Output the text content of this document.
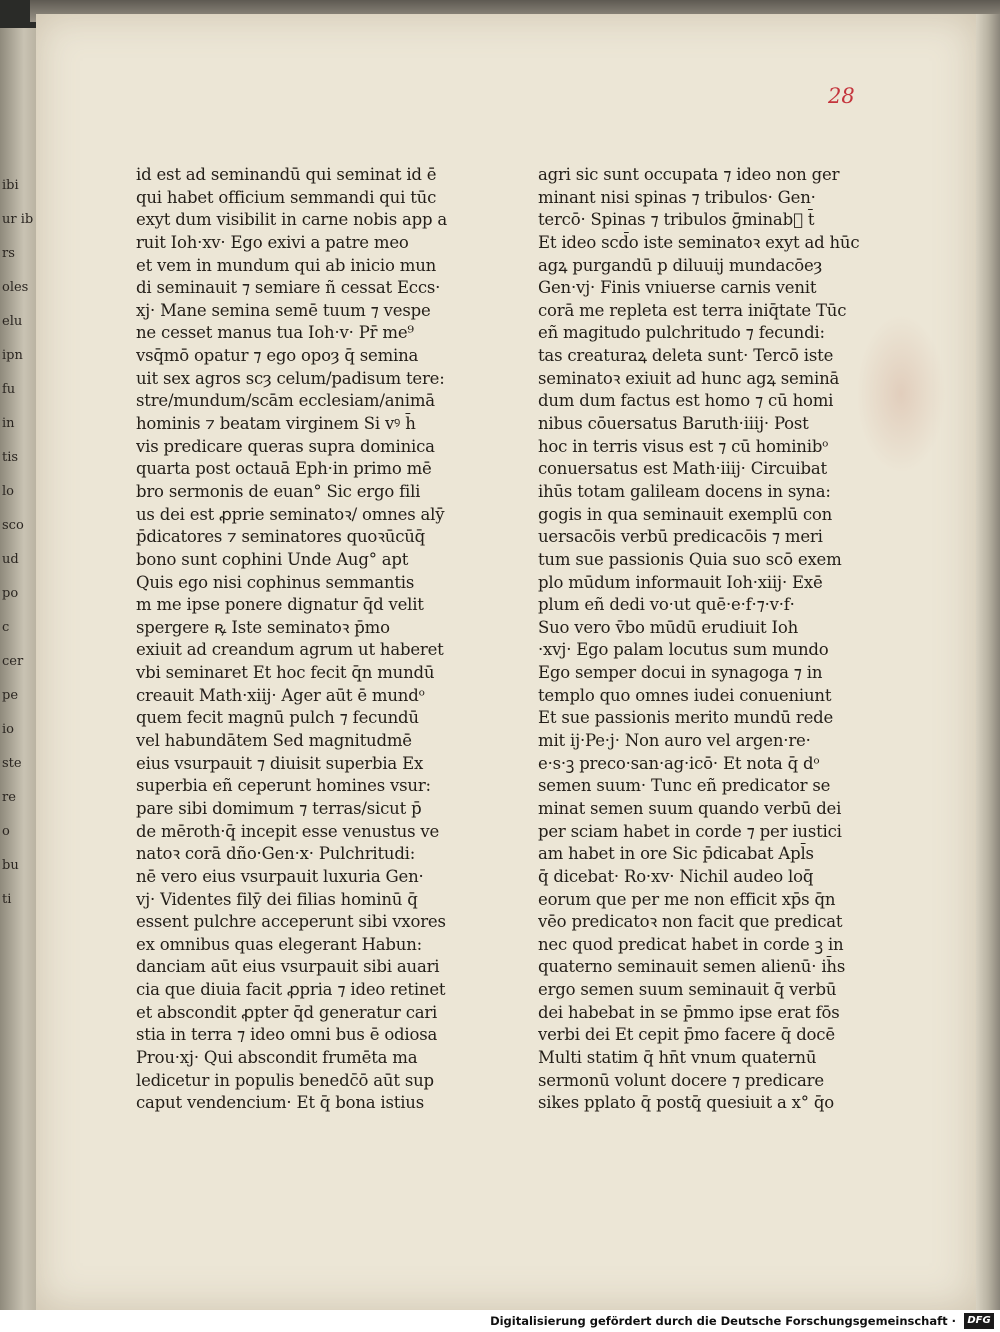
ibi
ur ib
rs
oles
elu
ipn
fu
in
tis
lo
sco
ud
po
c
cer
pe
io
ste
re
o
bu
ti
28
id est ad seminandū qui seminat id ē
qui habet officium semmandi qui tūc
exyt dum visibilit in carne nobis app a
ruit Ioh·xv· Ego exivi a patre meo
et vem in mundum qui ab inicio mun
di seminauit ⁊ semiare ñ cessat Eccs·
xj· Mane semina semē tuum ⁊ vespe
ne cesset manus tua Ioh·v· Pr̄ me⁹
vsq̄mō opatur ⁊ ego opoȝ q̄ semina
uit sex agros scȝ celum/padisum tere:
stre/mundum/scām ecclesiam/animā
hominis ⁊ beatam virginem Si vꝰ h̄
vis predicare queras supra dominica
quarta post octauā Eph·in primo mē
bro sermonis de euan° Sic ergo fili
us dei est ꝓprie seminatoꝛ/ omnes alȳ
p̄dicatores ⁊ seminatores quoꝛūcūq̄
bono sunt cophini Unde Aug° apt
Quis ego nisi cophinus semmantis
m me ipse ponere dignatur q̄d velit
spergere ꝶ Iste seminatoꝛ p̄mo
exiuit ad creandum agrum ut haberet
vbi seminaret Et hoc fecit q̄n mundū
creauit Math·xiij· Ager aūt ē mundᵒ
quem fecit magnū pulch ⁊ fecundū
vel habundātem Sed magnitudmē
eius vsurpauit ⁊ diuisit superbia Ex
superbia eñ ceperunt homines vsur:
pare sibi domimum ⁊ terras/sicut p̄
de mēroth·q̄ incepit esse venustus ve
natoꝛ corā dño·Gen·x· Pulchritudi:
nē vero eius vsurpauit luxuria Gen·
vj· Videntes filȳ dei filias hominū q̄
essent pulchre acceperunt sibi vxores
ex omnibus quas elegerant Habun:
danciam aūt eius vsurpauit sibi auari
cia que diuia facit ꝓpria ⁊ ideo retinet
et abscondit ꝓpter q̄d generatur cari
stia in terra ⁊ ideo omni bus ē odiosa
Prou·xj· Qui abscondit frumēta ma
ledicetur in populis benedc̄ō aūt sup
caput vendencium· Et q̄ bona istius
agri sic sunt occupata ⁊ ideo non ger
minant nisi spinas ⁊ tribulos· Gen·
tercō· Spinas ⁊ tribulos ḡminab᷑ t̄
Et ideo scd̄o iste seminatoꝛ exyt ad hūc
agꝝ purgandū p diluuij mundacōeȝ
Gen·vj· Finis vniuerse carnis venit
corā me repleta est terra iniq̄tate Tūc
eñ magitudo pulchritudo ⁊ fecundi:
tas creaturaꝝ deleta sunt· Tercō iste
seminatoꝛ exiuit ad hunc agꝝ seminā
dum dum factus est homo ⁊ cū homi
nibus cōuersatus Baruth·iiij· Post
hoc in terris visus est ⁊ cū hominibᵒ
conuersatus est Math·iiij· Circuibat
ihūs totam galileam docens in syna:
gogis in qua seminauit exemplū con
uersacōis verbū predicacōis ⁊ meri
tum sue passionis Quia suo scō exem
plo mūdum informauit Ioh·xiij· Exē
plum eñ dedi vo·ut quē·e·f·⁊·v·f·
Suo vero v̄bo mūdū erudiuit Ioh
·xvj· Ego palam locutus sum mundo
Ego semper docui in synagoga ⁊ in
templo quo omnes iudei conueniunt
Et sue passionis merito mundū rede
mit ij·Pe·j· Non auro vel argen·re·
e·s·ꝫ preco·san·ag·icō· Et nota q̄ dᵒ
semen suum· Tunc eñ predicator se
minat semen suum quando verbū dei
per sciam habet in corde ⁊ per iustici
am habet in ore Sic p̄dicabat Apl̄s
q̄ dicebat· Ro·xv· Nichil audeo loq̄
eorum que per me non efficit xp̄s q̄n
vēo predicatoꝛ non facit que predicat
nec quod predicat habet in corde ꝫ in
quaterno seminauit semen alienū· ih̄s
ergo semen suum seminauit q̄ verbū
dei habebat in se p̄mmo ipse erat fōs
verbi dei Et cepit p̄mo facere q̄ docē
Multi statim q̄ hn̄t vnum quaternū
sermonū volunt docere ⁊ predicare
sikes pplato q̄ postq̄ quesiuit a x° q̄o
Digitalisierung gefördert durch die Deutsche Forschungsgemeinschaft ·	DFG
